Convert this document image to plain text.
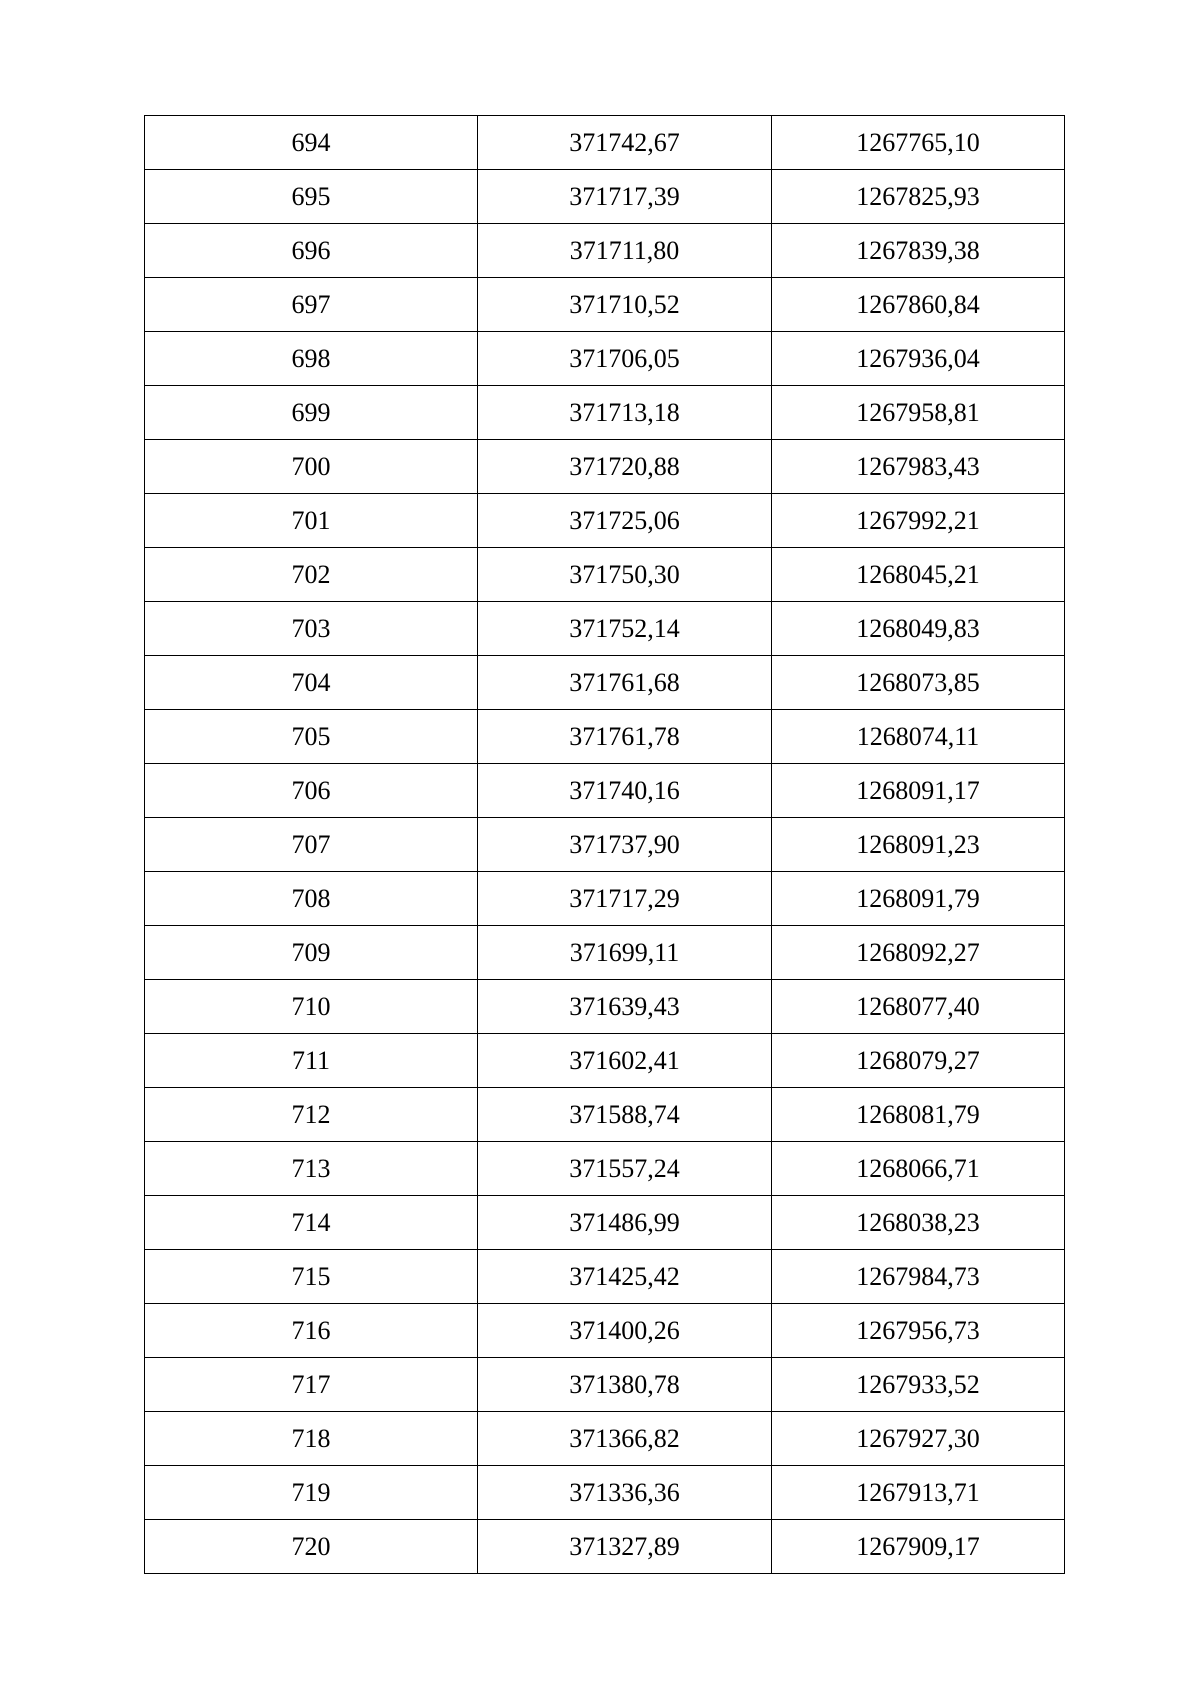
694	371742,67	1267765,10
695	371717,39	1267825,93
696	371711,80	1267839,38
697	371710,52	1267860,84
698	371706,05	1267936,04
699	371713,18	1267958,81
700	371720,88	1267983,43
701	371725,06	1267992,21
702	371750,30	1268045,21
703	371752,14	1268049,83
704	371761,68	1268073,85
705	371761,78	1268074,11
706	371740,16	1268091,17
707	371737,90	1268091,23
708	371717,29	1268091,79
709	371699,11	1268092,27
710	371639,43	1268077,40
711	371602,41	1268079,27
712	371588,74	1268081,79
713	371557,24	1268066,71
714	371486,99	1268038,23
715	371425,42	1267984,73
716	371400,26	1267956,73
717	371380,78	1267933,52
718	371366,82	1267927,30
719	371336,36	1267913,71
720	371327,89	1267909,17
